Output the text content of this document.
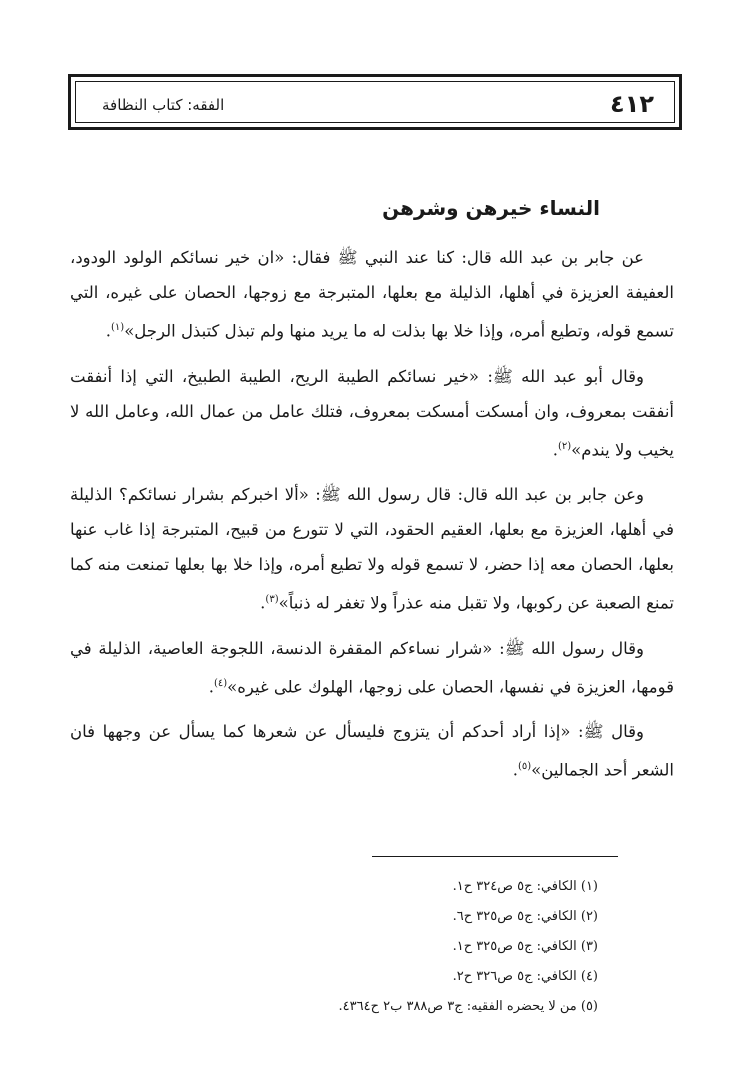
٤١٢
الفقه: كتاب النظافة
النساء خيرهن وشرهن

عن جابر بن عبد الله قال: كنا عند النبي ﷺ فقال: «ان خير نسائكم الولود الودود، العفيفة العزيزة في أهلها، الذليلة مع بعلها، المتبرجة مع زوجها، الحصان على غيره، التي تسمع قوله، وتطيع أمره، وإذا خلا بها بذلت له ما يريد منها ولم تبذل كتبذل الرجل»$^{(١)}$.

وقال أبو عبد الله ﷺ: «خير نسائكم الطيبة الريح، الطيبة الطبيخ، التي إذا أنفقت أنفقت بمعروف، وان أمسكت أمسكت بمعروف، فتلك عامل من عمال الله، وعامل الله لا يخيب ولا يندم»$^{(٢)}$.

وعن جابر بن عبد الله قال: قال رسول الله ﷺ: «ألا اخبركم بشرار نسائكم؟ الذليلة في أهلها، العزيزة مع بعلها، العقيم الحقود، التي لا تتورع من قبيح، المتبرجة إذا غاب عنها بعلها، الحصان معه إذا حضر، لا تسمع قوله ولا تطيع أمره، وإذا خلا بها بعلها تمنعت منه كما تمنع الصعبة عن ركوبها، ولا تقبل منه عذراً ولا تغفر له ذنباً»$^{(٣)}$.

وقال رسول الله ﷺ: «شرار نساءكم المقفرة الدنسة، اللجوجة العاصية، الذليلة في قومها، العزيزة في نفسها، الحصان على زوجها، الهلوك على غيره»$^{(٤)}$.

وقال ﷺ: «إذا أراد أحدكم أن يتزوج فليسأل عن شعرها كما يسأل عن وجهها فان الشعر أحد الجمالين»$^{(٥)}$.

(١) الكافي: ج٥ ص٣٢٤ ح١.
(٢) الكافي: ج٥ ص٣٢٥ ح٦.
(٣) الكافي: ج٥ ص٣٢٥ ح١.
(٤) الكافي: ج٥ ص٣٢٦ ح٢.
(٥) من لا يحضره الفقيه: ج٣ ص٣٨٨ ب٢ ح٤٣٦٤.
